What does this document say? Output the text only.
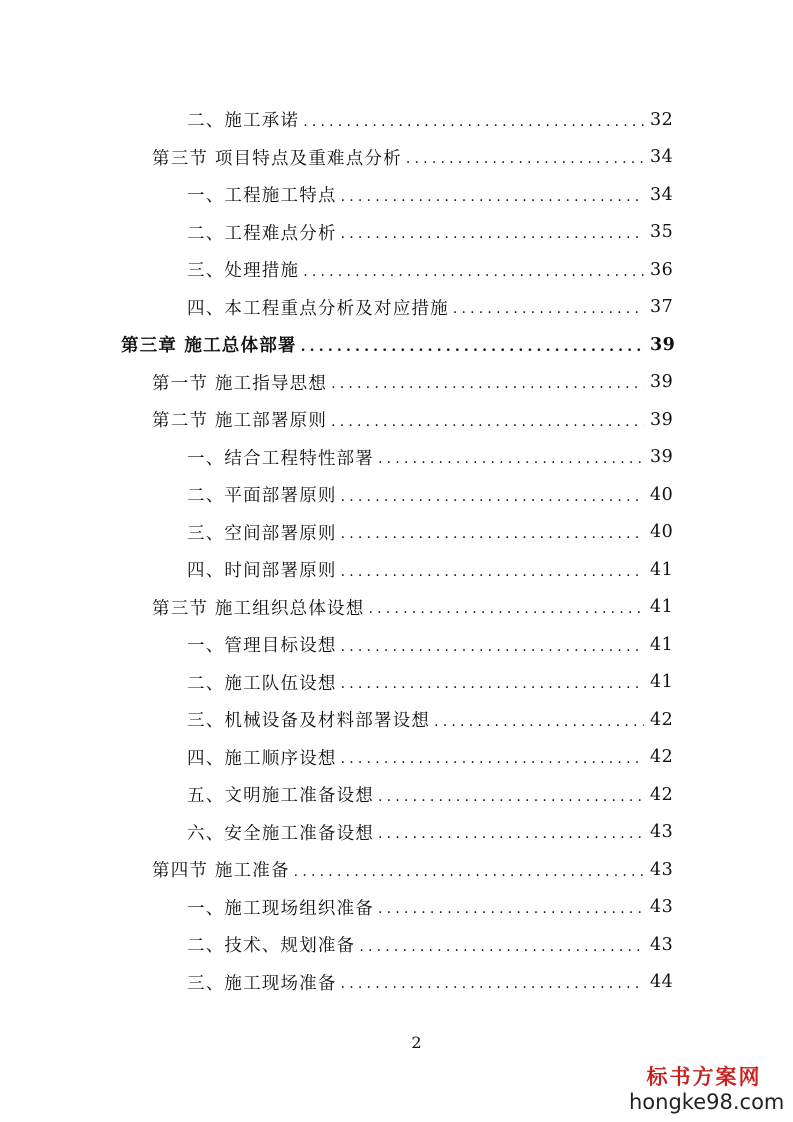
二、施工承诺 .....	32
第三节 项目特点及重难点分析 .....	34
一、工程施工特点 .....	34
二、工程难点分析 .....	35
三、处理措施 .....	36
四、本工程重点分析及对应措施 .....	37
第三章 施工总体部署 .....	39
第一节 施工指导思想 .....	39
第二节 施工部署原则 .....	39
一、结合工程特性部署 .....	39
二、平面部署原则 .....	40
三、空间部署原则 .....	40
四、时间部署原则 .....	41
第三节 施工组织总体设想 .....	41
一、管理目标设想 .....	41
二、施工队伍设想 .....	41
三、机械设备及材料部署设想 .....	42
四、施工顺序设想 .....	42
五、文明施工准备设想 .....	42
六、安全施工准备设想 .....	43
第四节 施工准备 .....	43
一、施工现场组织准备 .....	43
二、技术、规划准备 .....	43
三、施工现场准备 .....	44
2
标书方案网
hongke98.com
